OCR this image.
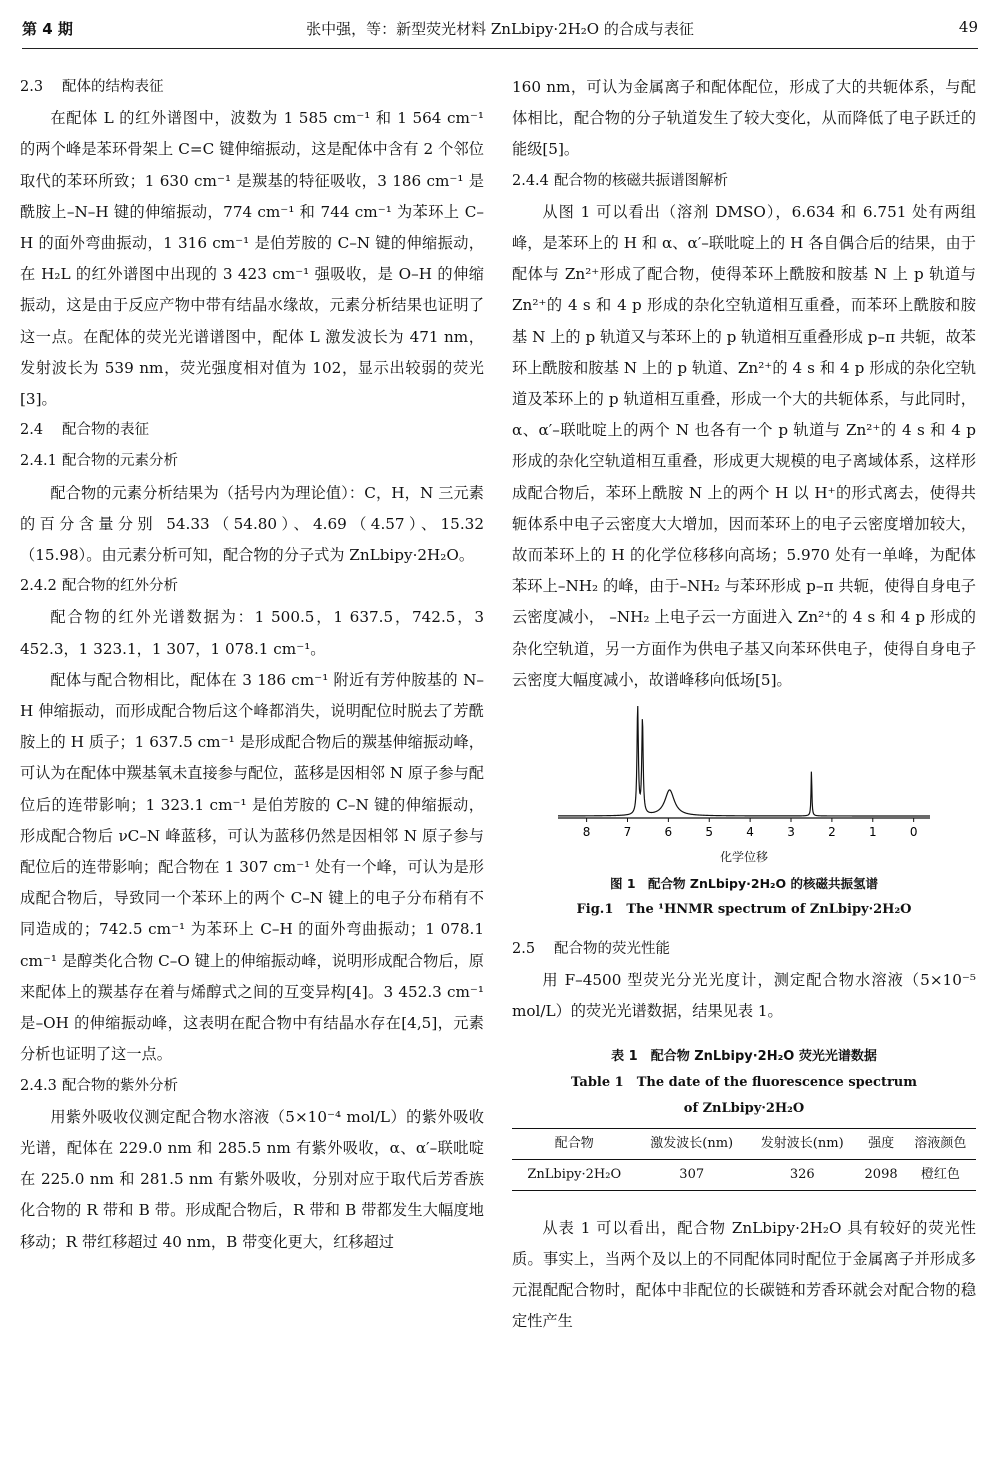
第 4 期	张中强，等：新型荧光材料 ZnLbipy·2H₂O 的合成与表征	49
2.3 配体的结构表征

在配体 L 的红外谱图中，波数为 1 585 cm⁻¹ 和 1 564 cm⁻¹ 的两个峰是苯环骨架上 C=C 键伸缩振动，这是配体中含有 2 个邻位取代的苯环所致；1 630 cm⁻¹ 是羰基的特征吸收，3 186 cm⁻¹ 是酰胺上–N–H 键的伸缩振动，774 cm⁻¹ 和 744 cm⁻¹ 为苯环上 C–H 的面外弯曲振动，1 316 cm⁻¹ 是伯芳胺的 C–N 键的伸缩振动，在 H₂L 的红外谱图中出现的 3 423 cm⁻¹ 强吸收，是 O–H 的伸缩振动，这是由于反应产物中带有结晶水缘故，元素分析结果也证明了这一点。在配体的荧光光谱谱图中，配体 L 激发波长为 471 nm， 发射波长为 539 nm，荧光强度相对值为 102，显示出较弱的荧光[3]。

2.4 配合物的表征
2.4.1 配合物的元素分析

配合物的元素分析结果为（括号内为理论值）：C，H，N 三元素的百分含量分别 54.33（54.80）、4.69（4.57）、15.32（15.98）。由元素分析可知，配合物的分子式为 ZnLbipy·2H₂O。

2.4.2 配合物的红外分析

配合物的红外光谱数据为：1 500.5，1 637.5，742.5，3 452.3，1 323.1，1 307，1 078.1 cm⁻¹。

配体与配合物相比，配体在 3 186 cm⁻¹ 附近有芳仲胺基的 N–H 伸缩振动，而形成配合物后这个峰都消失，说明配位时脱去了芳酰胺上的 H 质子；1 637.5 cm⁻¹ 是形成配合物后的羰基伸缩振动峰，可认为在配体中羰基氧未直接参与配位，蓝移是因相邻 N 原子参与配位后的连带影响；1 323.1 cm⁻¹ 是伯芳胺的 C–N 键的伸缩振动，形成配合物后 νC–N 峰蓝移，可认为蓝移仍然是因相邻 N 原子参与配位后的连带影响；配合物在 1 307 cm⁻¹ 处有一个峰，可认为是形成配合物后，导致同一个苯环上的两个 C–N 键上的电子分布稍有不同造成的；742.5 cm⁻¹ 为苯环上 C–H 的面外弯曲振动；1 078.1 cm⁻¹ 是醇类化合物 C–O 键上的伸缩振动峰，说明形成配合物后，原来配体上的羰基存在着与烯醇式之间的互变异构[4]。3 452.3 cm⁻¹ 是–OH 的伸缩振动峰，这表明在配合物中有结晶水存在[4,5]，元素分析也证明了这一点。

2.4.3 配合物的紫外分析

用紫外吸收仪测定配合物水溶液（5×10⁻⁴ mol/L）的紫外吸收光谱，配体在 229.0 nm 和 285.5 nm 有紫外吸收，α、α′–联吡啶在 225.0 nm 和 281.5 nm 有紫外吸收，分别对应于取代后芳香族化合物的 R 带和 B 带。形成配合物后，R 带和 B 带都发生大幅度地移动；R 带红移超过 40 nm，B 带变化更大，红移超过

160 nm，可认为金属离子和配体配位，形成了大的共轭体系，与配体相比，配合物的分子轨道发生了较大变化，从而降低了电子跃迁的能级[5]。

2.4.4 配合物的核磁共振谱图解析

从图 1 可以看出（溶剂 DMSO），6.634 和 6.751 处有两组峰，是苯环上的 H 和 α、α′–联吡啶上的 H 各自偶合后的结果，由于配体与 Zn²⁺形成了配合物，使得苯环上酰胺和胺基 N 上 p 轨道与 Zn²⁺的 4 s 和 4 p 形成的杂化空轨道相互重叠，而苯环上酰胺和胺基 N 上的 p 轨道又与苯环上的 p 轨道相互重叠形成 p–π 共轭，故苯环上酰胺和胺基 N 上的 p 轨道、Zn²⁺的 4 s 和 4 p 形成的杂化空轨道及苯环上的 p 轨道相互重叠，形成一个大的共轭体系，与此同时，α、α′–联吡啶上的两个 N 也各有一个 p 轨道与 Zn²⁺的 4 s 和 4 p 形成的杂化空轨道相互重叠，形成更大规模的电子离域体系，这样形成配合物后，苯环上酰胺 N 上的两个 H 以 H⁺的形式离去，使得共轭体系中电子云密度大大增加，因而苯环上的电子云密度增加较大，故而苯环上的 H 的化学位移移向高场；5.970 处有一单峰，为配体苯环上–NH₂ 的峰，由于–NH₂ 与苯环形成 p–π 共轭，使得自身电子云密度减小， –NH₂ 上电子云一方面进入 Zn²⁺的 4 s 和 4 p 形成的杂化空轨道，另一方面作为供电子基又向苯环供电子，使得自身电子云密度大幅度减小，故谱峰移向低场[5]。

8	7	6	5	4	3	2	1	0
化学位移
图 1　配合物 ZnLbipy·2H₂O 的核磁共振氢谱
Fig.1　The ¹HNMR spectrum of ZnLbipy·2H₂O
2.5 配合物的荧光性能

用 F–4500 型荧光分光光度计，测定配合物水溶液（5×10⁻⁵ mol/L）的荧光光谱数据，结果见表 1。

表 1　配合物 ZnLbipy·2H₂O 荧光光谱数据
Table 1　The date of the fluorescence spectrum
of ZnLbipy·2H₂O
配合物	激发波长(nm)	发射波长(nm)	强度	溶液颜色
ZnLbipy·2H₂O	307	326	2098	橙红色

从表 1 可以看出，配合物 ZnLbipy·2H₂O 具有较好的荧光性质。事实上，当两个及以上的不同配体同时配位于金属离子并形成多元混配配合物时，配体中非配位的长碳链和芳香环就会对配合物的稳定性产生
